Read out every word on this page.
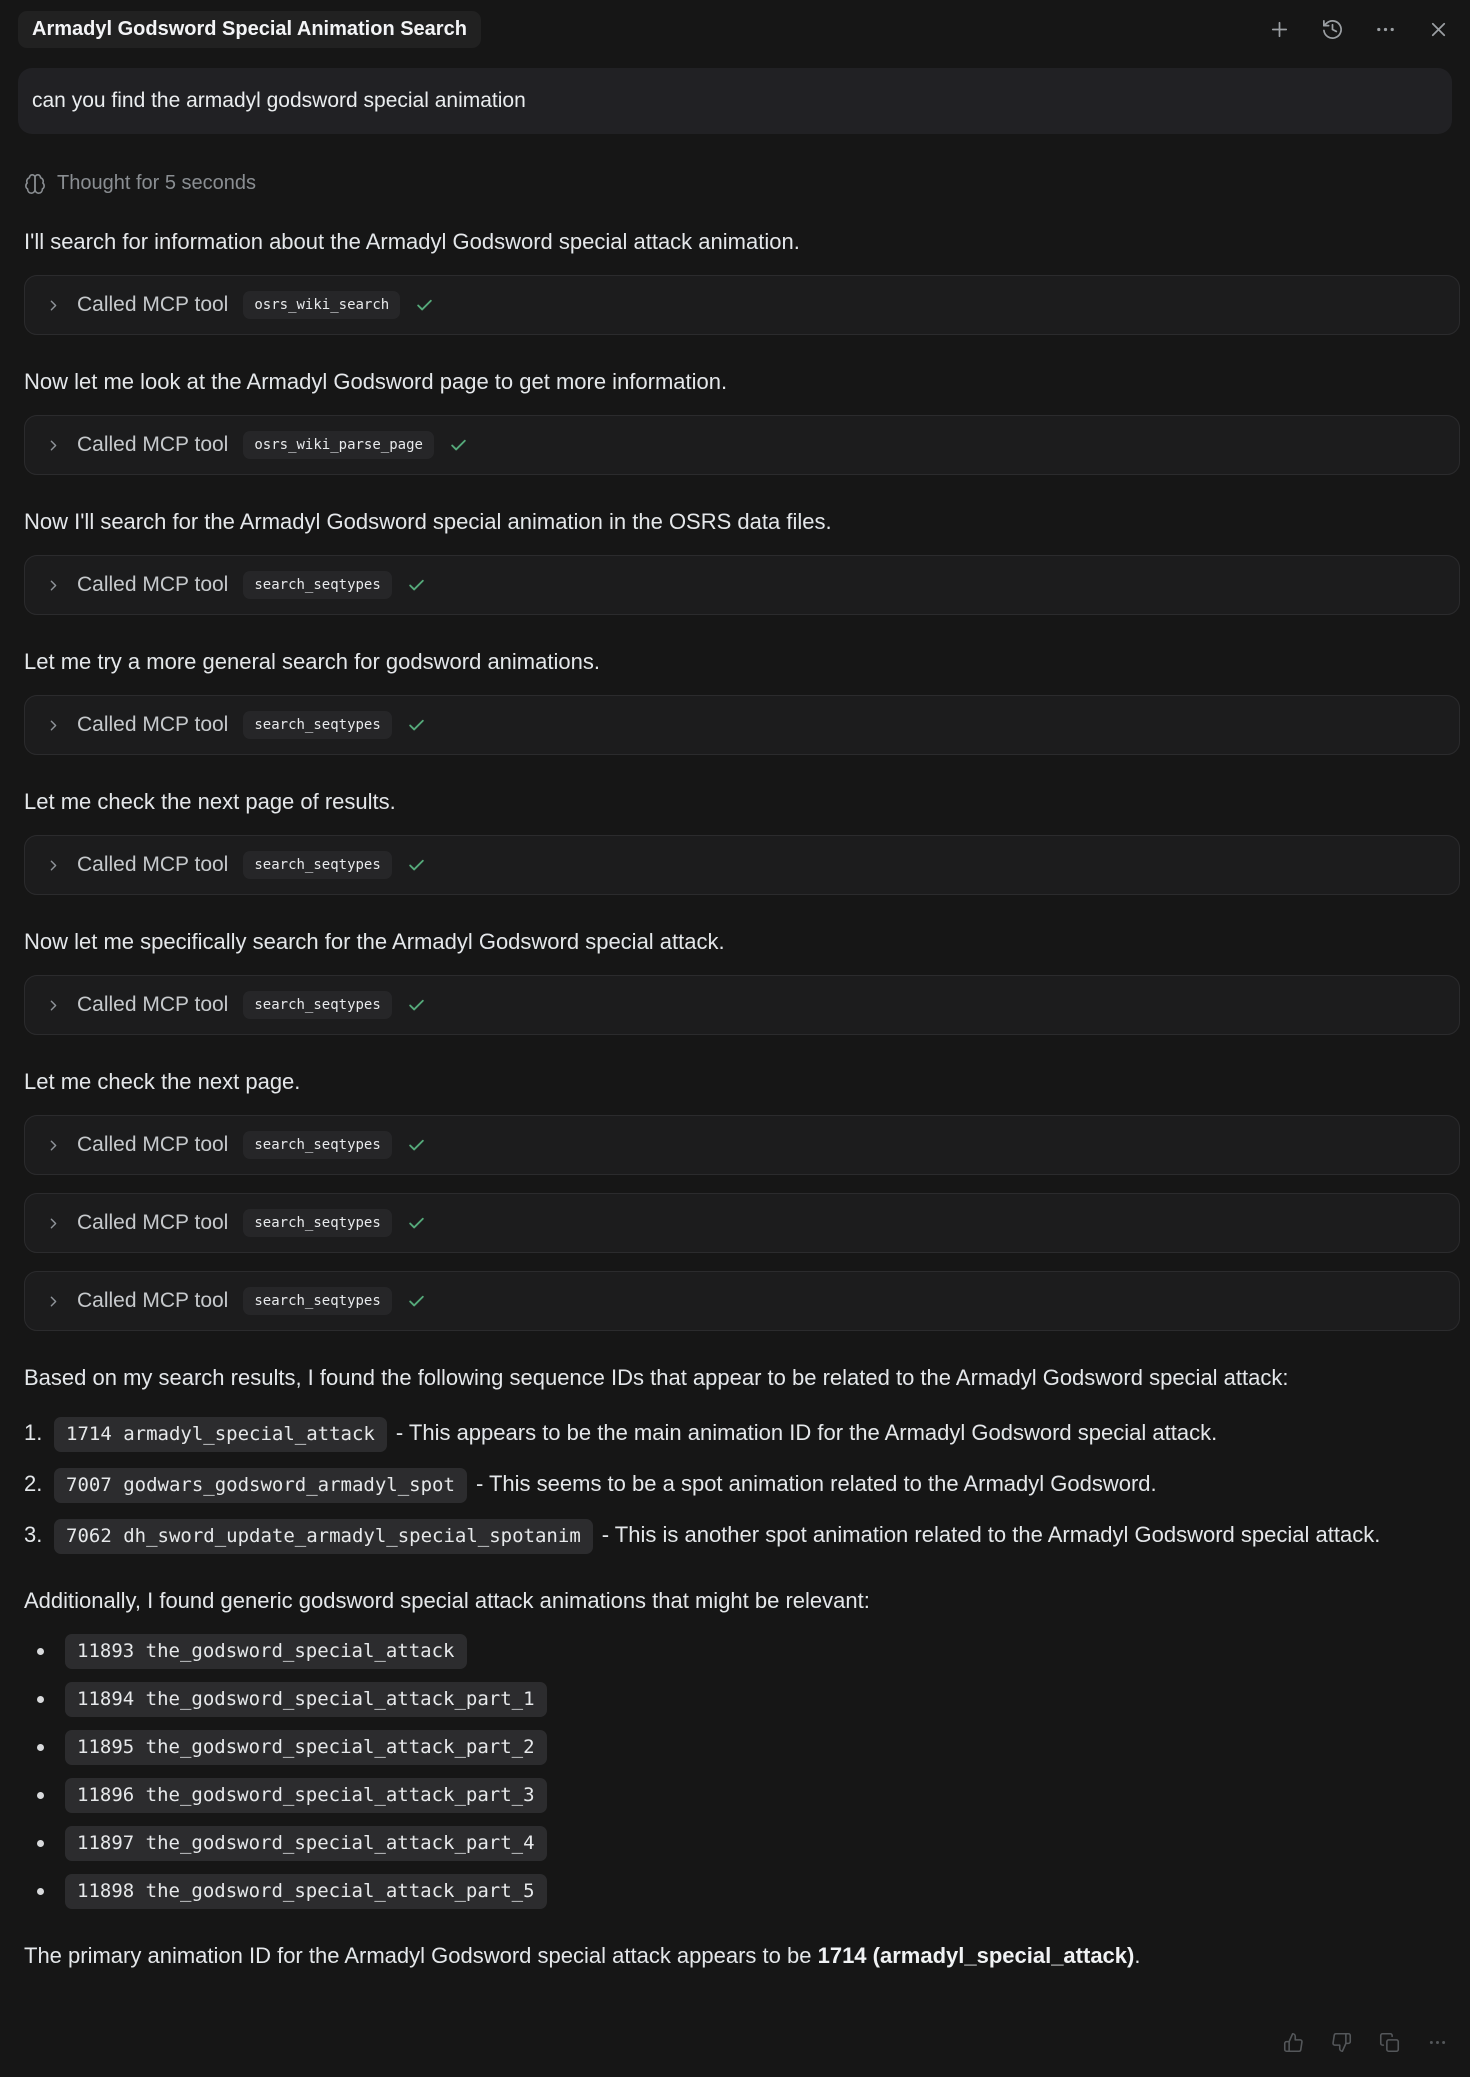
Armadyl Godsword Special Animation Search
can you find the armadyl godsword special animation
Thought for 5 seconds
I'll search for information about the Armadyl Godsword special attack animation.
Called MCP tool	osrs_wiki_search
Now let me look at the Armadyl Godsword page to get more information.
Called MCP tool	osrs_wiki_parse_page
Now I'll search for the Armadyl Godsword special animation in the OSRS data files.
Called MCP tool	search_seqtypes
Let me try a more general search for godsword animations.
Called MCP tool	search_seqtypes
Let me check the next page of results.
Called MCP tool	search_seqtypes
Now let me specifically search for the Armadyl Godsword special attack.
Called MCP tool	search_seqtypes
Let me check the next page.
Called MCP tool	search_seqtypes
Called MCP tool	search_seqtypes
Called MCP tool	search_seqtypes
Based on my search results, I found the following sequence IDs that appear to be related to the Armadyl Godsword special attack:
1.	1714 armadyl_special_attack - This appears to be the main animation ID for the Armadyl Godsword special attack.
2.	7007 godwars_godsword_armadyl_spot - This seems to be a spot animation related to the Armadyl Godsword.
3.	7062 dh_sword_update_armadyl_special_spotanim - This is another spot animation related to the Armadyl Godsword special attack.
Additionally, I found generic godsword special attack animations that might be relevant:
11893 the_godsword_special_attack
11894 the_godsword_special_attack_part_1
11895 the_godsword_special_attack_part_2
11896 the_godsword_special_attack_part_3
11897 the_godsword_special_attack_part_4
11898 the_godsword_special_attack_part_5
The primary animation ID for the Armadyl Godsword special attack appears to be 1714 (armadyl_special_attack).
